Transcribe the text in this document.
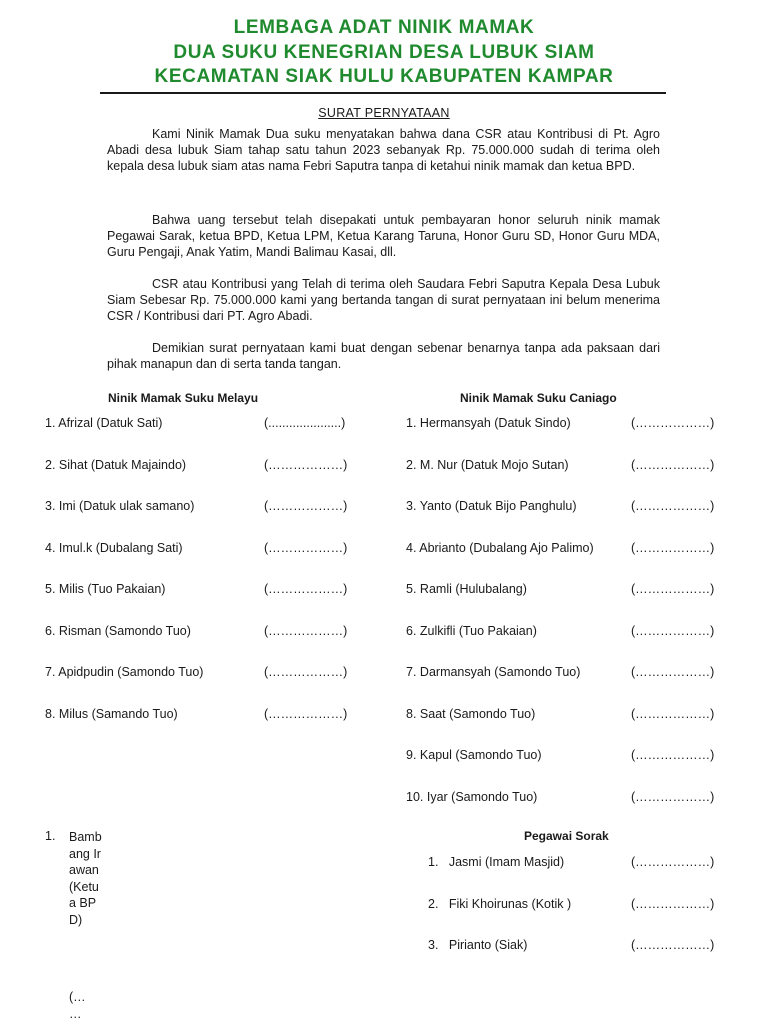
LEMBAGA ADAT NINIK MAMAK
DUA SUKU KENEGRIAN DESA LUBUK SIAM
KECAMATAN SIAK HULU KABUPATEN KAMPAR
SURAT PERNYATAAN
Kami Ninik Mamak Dua suku menyatakan bahwa dana CSR atau Kontribusi di Pt. Agro Abadi desa lubuk Siam tahap satu tahun 2023 sebanyak Rp. 75.000.000 sudah di terima oleh kepala desa lubuk siam atas nama Febri Saputra tanpa di ketahui ninik mamak dan ketua BPD.
Bahwa uang tersebut telah disepakati untuk pembayaran honor seluruh ninik mamak Pegawai Sarak, ketua BPD, Ketua LPM, Ketua Karang Taruna, Honor Guru SD, Honor Guru MDA, Guru Pengaji, Anak Yatim, Mandi Balimau Kasai, dll.
CSR atau Kontribusi yang Telah di terima oleh Saudara Febri Saputra Kepala Desa Lubuk Siam Sebesar Rp. 75.000.000 kami yang bertanda tangan di surat pernyataan ini belum menerima CSR / Kontribusi dari PT. Agro Abadi.
Demikian surat pernyataan kami buat dengan sebenar benarnya tanpa ada paksaan dari pihak manapun dan di serta tanda tangan.
Ninik Mamak Suku Melayu	Ninik Mamak Suku Caniago
1. Afrizal (Datuk Sati)	(.....................)
2. Sihat (Datuk Majaindo)	(………………)
3. Imi (Datuk ulak samano)	(………………)
4. Imul.k (Dubalang Sati)	(………………)
5. Milis (Tuo Pakaian)	(………………)
6. Risman (Samondo Tuo)	(………………)
7. Apidpudin (Samondo Tuo)	(………………)
8. Milus (Samando Tuo)	(………………)
1. Hermansyah (Datuk Sindo)	(………………)
2. M. Nur (Datuk Mojo Sutan)	(………………)
3. Yanto (Datuk Bijo Panghulu)	(………………)
4. Abrianto (Dubalang Ajo Palimo)	(………………)
5. Ramli (Hulubalang)	(………………)
6. Zulkifli (Tuo Pakaian)	(………………)
7. Darmansyah (Samondo Tuo)	(………………)
8. Saat (Samondo Tuo)	(………………)
9. Kapul (Samondo Tuo)	(………………)
10. Iyar (Samondo Tuo)	(………………)
1. Bambang Irawan (Ketua BPD)
(… …
Pegawai Sorak
1. Jasmi (Imam Masjid)	(………………)
2. Fiki Khoirunas (Kotik )	(………………)
3. Pirianto (Siak)	(………………)
